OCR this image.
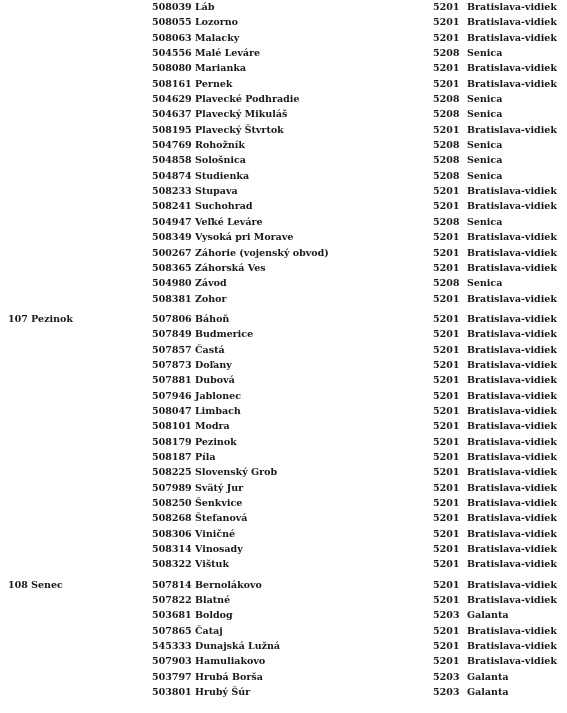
508039 Láb	5201 Bratislava-vidiek
508055 Lozorno	5201 Bratislava-vidiek
508063 Malacky	5201 Bratislava-vidiek
504556 Malé Leváre	5208 Senica
508080 Marianka	5201 Bratislava-vidiek
508161 Pernek	5201 Bratislava-vidiek
504629 Plavecké Podhradie	5208 Senica
504637 Plavecký Mikuláš	5208 Senica
508195 Plavecký Štvrtok	5201 Bratislava-vidiek
504769 Rohožník	5208 Senica
504858 Sološnica	5208 Senica
504874 Studienka	5208 Senica
508233 Stupava	5201 Bratislava-vidiek
508241 Suchohrad	5201 Bratislava-vidiek
504947 Veľké Leváre	5208 Senica
508349 Vysoká pri Morave	5201 Bratislava-vidiek
500267 Záhorie (vojenský obvod)	5201 Bratislava-vidiek
508365 Záhorská Ves	5201 Bratislava-vidiek
504980 Závod	5208 Senica
508381 Zohor	5201 Bratislava-vidiek
107 Pezinok	507806 Báhoň	5201 Bratislava-vidiek
507849 Budmerice	5201 Bratislava-vidiek
507857 Častá	5201 Bratislava-vidiek
507873 Doľany	5201 Bratislava-vidiek
507881 Dubová	5201 Bratislava-vidiek
507946 Jablonec	5201 Bratislava-vidiek
508047 Limbach	5201 Bratislava-vidiek
508101 Modra	5201 Bratislava-vidiek
508179 Pezinok	5201 Bratislava-vidiek
508187 Píla	5201 Bratislava-vidiek
508225 Slovenský Grob	5201 Bratislava-vidiek
507989 Svätý Jur	5201 Bratislava-vidiek
508250 Šenkvice	5201 Bratislava-vidiek
508268 Štefanová	5201 Bratislava-vidiek
508306 Viničné	5201 Bratislava-vidiek
508314 Vinosady	5201 Bratislava-vidiek
508322 Vištuk	5201 Bratislava-vidiek
108 Senec	507814 Bernolákovo	5201 Bratislava-vidiek
507822 Blatné	5201 Bratislava-vidiek
503681 Boldog	5203 Galanta
507865 Čataj	5201 Bratislava-vidiek
545333 Dunajská Lužná	5201 Bratislava-vidiek
507903 Hamuliakovo	5201 Bratislava-vidiek
503797 Hrubá Borša	5203 Galanta
503801 Hrubý Šúr	5203 Galanta
